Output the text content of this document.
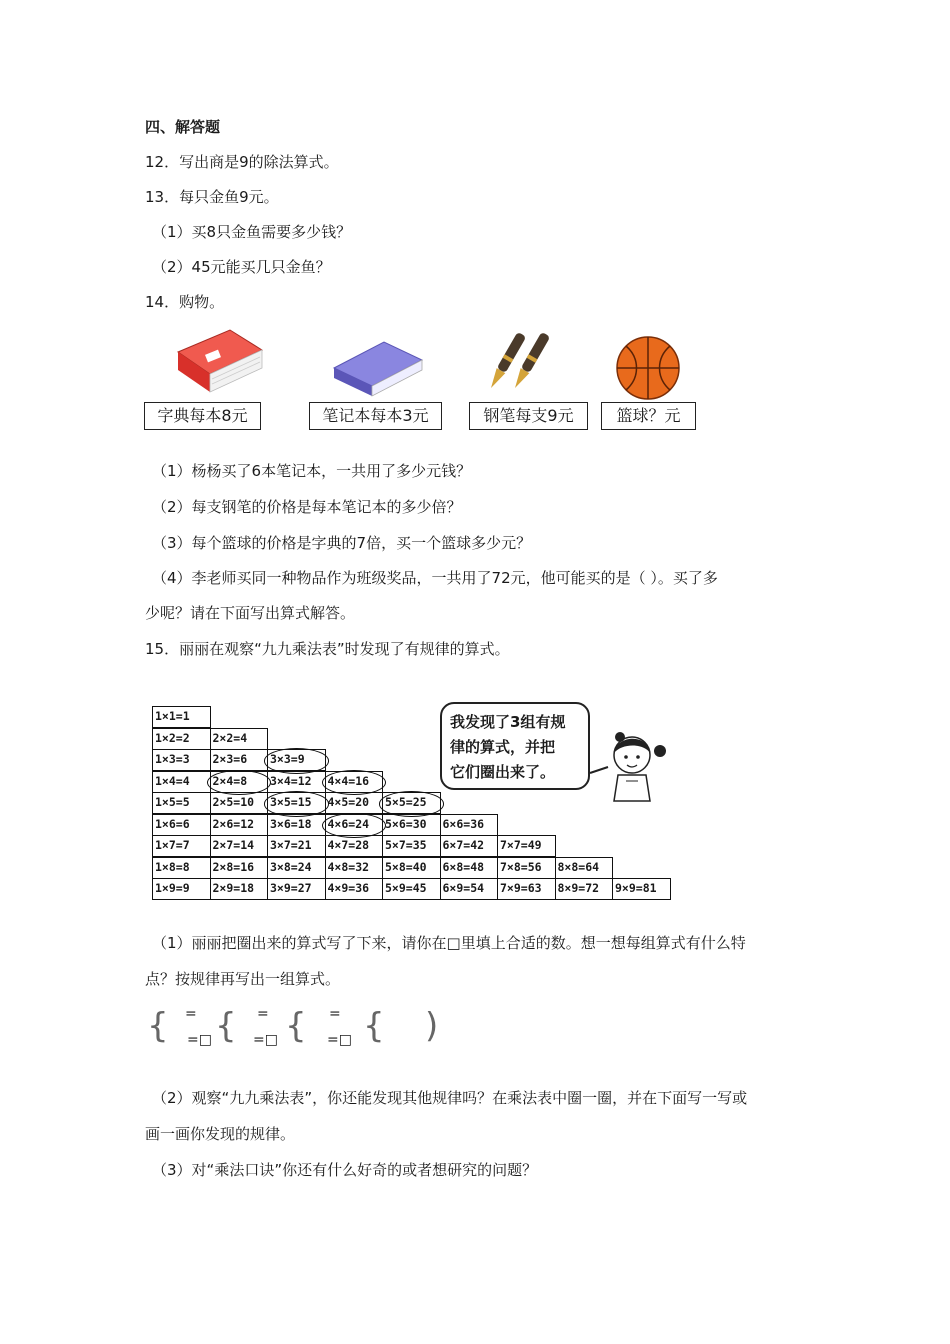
四、解答题
12．写出商是9的除法算式。
13．每只金鱼9元。
（1）买8只金鱼需要多少钱？
（2）45元能买几只金鱼？
14．购物。
字典每本8元	笔记本每本3元	钢笔每支9元	篮球？元
（1）杨杨买了6本笔记本，一共用了多少元钱？
（2）每支钢笔的价格是每本笔记本的多少倍？
（3）每个篮球的价格是字典的7倍，买一个篮球多少元？
（4）李老师买同一种物品作为班级奖品，一共用了72元，他可能买的是（ ）。买了多
少呢？请在下面写出算式解答。
15．丽丽在观察“九九乘法表”时发现了有规律的算式。
1×1=1
1×2=2	2×2=4
1×3=3	2×3=6	3×3=9
1×4=4	2×4=8	3×4=12	4×4=16
1×5=5	2×5=10	3×5=15	4×5=20	5×5=25
1×6=6	2×6=12	3×6=18	4×6=24	5×6=30	6×6=36
1×7=7	2×7=14	3×7=21	4×7=28	5×7=35	6×7=42	7×7=49
1×8=8	2×8=16	3×8=24	4×8=32	5×8=40	6×8=48	7×8=56	8×8=64
1×9=9	2×9=18	3×9=27	4×9=36	5×9=45	6×9=54	7×9=63	8×9=72	9×9=81
我发现了3组有规
律的算式，并把
它们圈出来了。
（1）丽丽把圈出来的算式写了下来，请你在□里填上合适的数。想一想每组算式有什么特
点？按规律再写出一组算式。
{ =
=□ { =
=□ { =
=□ { )
（2）观察“九九乘法表”，你还能发现其他规律吗？在乘法表中圈一圈，并在下面写一写或
画一画你发现的规律。
（3）对“乘法口诀”你还有什么好奇的或者想研究的问题？
